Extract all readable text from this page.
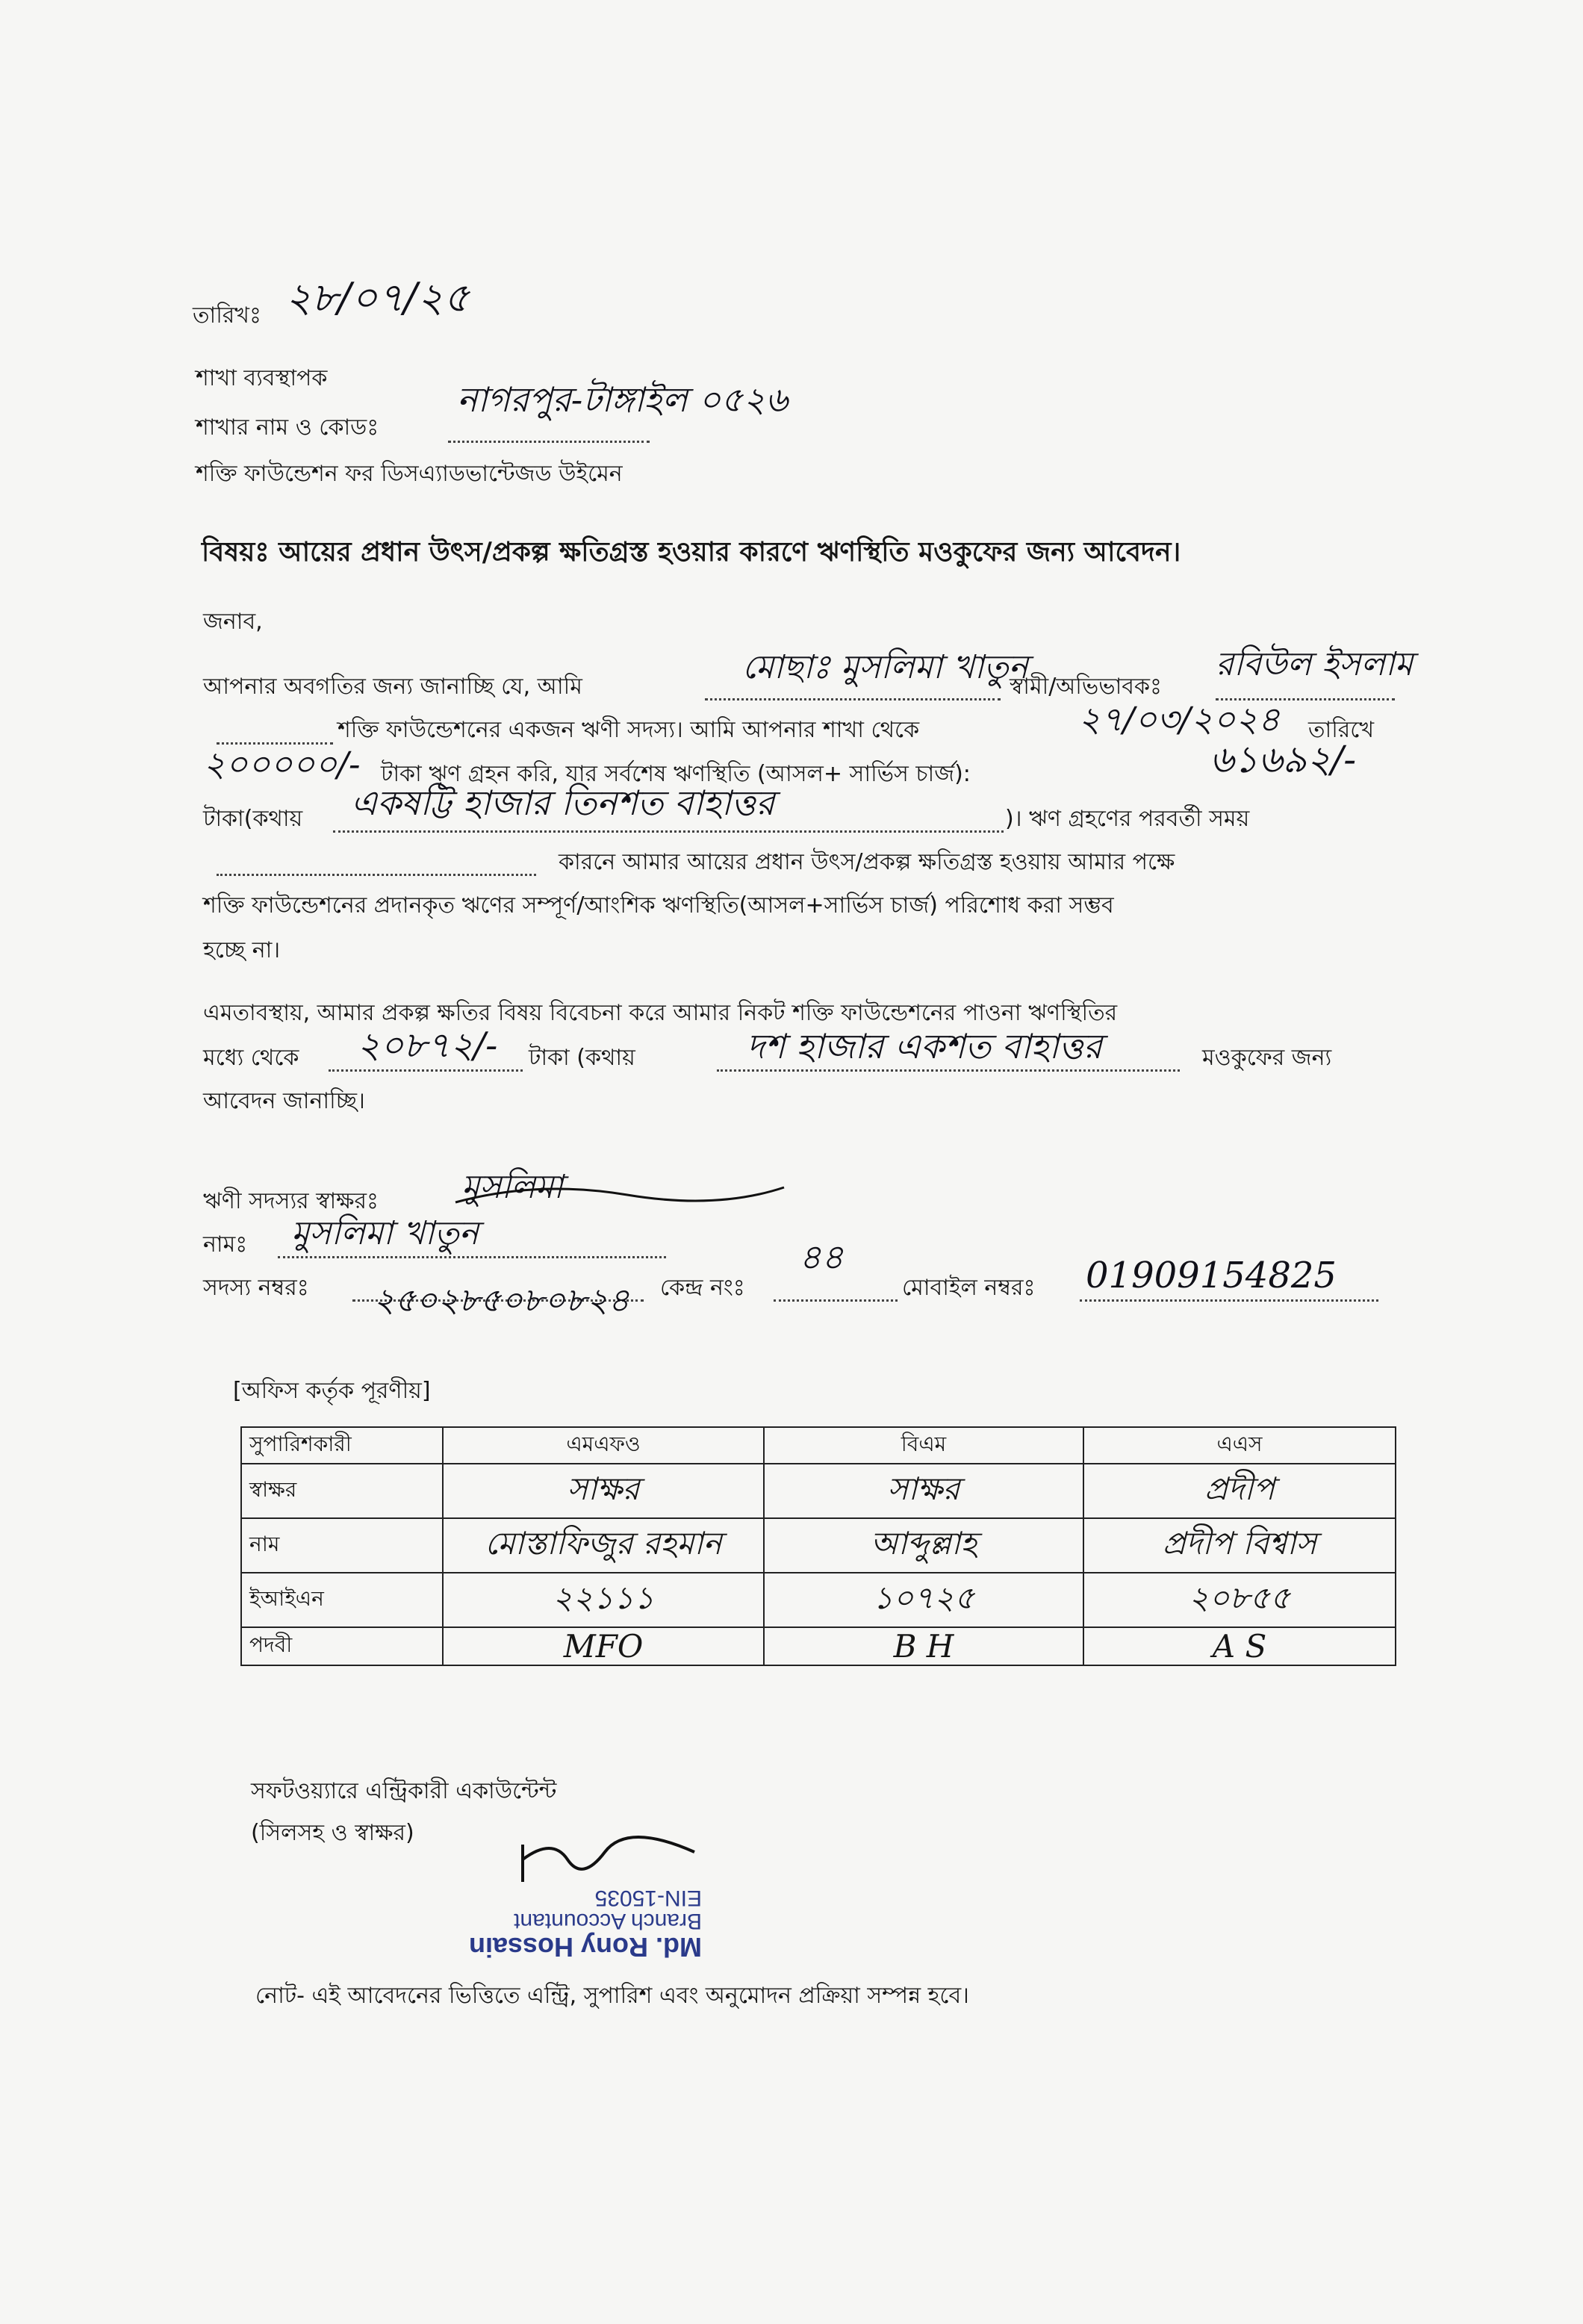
তারিখঃ ২৮/০৭/২৫
শাখা ব্যবস্থাপক
শাখার নাম ও কোডঃ
নাগরপুর-টাঙ্গাইল ০৫২৬
শক্তি ফাউন্ডেশন ফর ডিসএ্যাডভান্টেজড উইমেন
বিষয়ঃ আয়ের প্রধান উৎস/প্রকল্প ক্ষতিগ্রস্ত হওয়ার কারণে ঋণস্থিতি মওকুফের জন্য আবেদন।
জনাব,
আপনার অবগতির জন্য জানাচ্ছি যে, আমি
মোছাঃ মুসলিমা খাতুন
স্বামী/অভিভাবকঃ
রবিউল ইসলাম
শক্তি ফাউন্ডেশনের একজন ঋণী সদস্য। আমি আপনার শাখা থেকে	২৭/০৩/২০২৪ তারিখে
২০০০০০/- টাকা ঋণ গ্রহন করি, যার সর্বশেষ ঋণস্থিতি (আসল+ সার্ভিস চার্জ):	৬১৬৯২/-
টাকা(কথায় একষট্টি হাজার তিনশত বাহাত্তর	)। ঋণ গ্রহণের পরবর্তী সময়
কারনে আমার আয়ের প্রধান উৎস/প্রকল্প ক্ষতিগ্রস্ত হওয়ায় আমার পক্ষে
শক্তি ফাউন্ডেশনের প্রদানকৃত ঋণের সম্পূর্ণ/আংশিক ঋণস্থিতি(আসল+সার্ভিস চার্জ) পরিশোধ করা সম্ভব
হচ্ছে না।
এমতাবস্থায়, আমার প্রকল্প ক্ষতির বিষয় বিবেচনা করে আমার নিকট শক্তি ফাউন্ডেশনের পাওনা ঋণস্থিতির
মধ্যে থেকে ২০৮৭২/- টাকা (কথায়	দশ হাজার একশত বাহাত্তর	মওকুফের জন্য
আবেদন জানাচ্ছি।
ঋণী সদস্যর স্বাক্ষরঃ	মুসলিমা
নামঃ মুসলিমা খাতুন
সদস্য নম্বরঃ ২৫০২৮৫০৮০৮২৪ কেন্দ্র নংঃ
৪৪
মোবাইল নম্বরঃ 01909154825
[অফিস কর্তৃক পূরণীয়]
সুপারিশকারী	এমএফও	বিএম	এএস
স্বাক্ষর	সাক্ষর	সাক্ষর	প্রদীপ
নাম	মোস্তাফিজুর রহমান	আব্দুল্লাহ	প্রদীপ বিশ্বাস
ইআইএন	২২১১১	১০৭২৫	২০৮৫৫
পদবী	MFO	B H	A S
সফটওয়্যারে এন্ট্রিকারী একাউন্টেন্ট
(সিলসহ ও স্বাক্ষর)
Md. Rony Hossain
Branch Accountant
EIN-15035
নোট- এই আবেদনের ভিত্তিতে এন্ট্রি, সুপারিশ এবং অনুমোদন প্রক্রিয়া সম্পন্ন হবে।
